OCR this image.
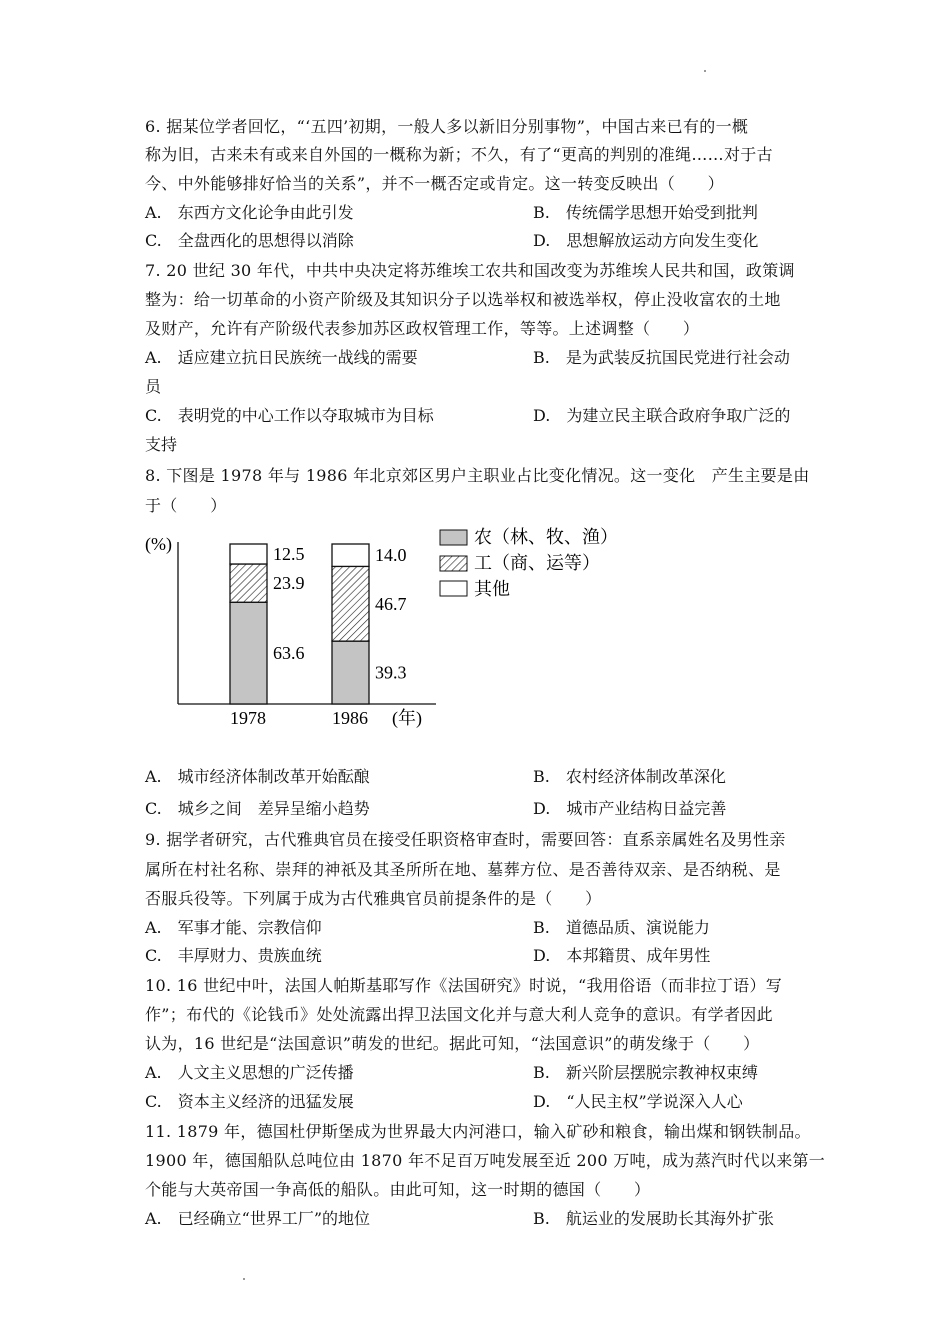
6. 据某位学者回忆，“‘五四’初期，一般人多以新旧分别事物”，中国古来已有的一概
称为旧，古来未有或来自外国的一概称为新；不久，有了“更高的判别的准绳……对于古
今、中外能够排好恰当的关系”，并不一概否定或肯定。这一转变反映出（　　）
A.　东西方文化论争由此引发	B.　传统儒学思想开始受到批判
C.　全盘西化的思想得以消除	D.　思想解放运动方向发生变化
7. 20 世纪 30 年代，中共中央决定将苏维埃工农共和国改变为苏维埃人民共和国，政策调
整为：给一切革命的小资产阶级及其知识分子以选举权和被选举权，停止没收富农的土地
及财产，允许有产阶级代表参加苏区政权管理工作，等等。上述调整（　　）
A.　适应建立抗日民族统一战线的需要	B.　是为武装反抗国民党进行社会动
员
C.　表明党的中心工作以夺取城市为目标	D.　为建立民主联合政府争取广泛的
支持
8. 下图是 1978 年与 1986 年北京郊区男户主职业占比变化情况。这一变化　产生主要是由
于（　　）
(%)
63.6
23.9
12.5
39.3
46.7
14.0
1978	1986 (年)
农（林、牧、渔）
工（商、运等）
其他
A.　城市经济体制改革开始酝酿	B.　农村经济体制改革深化
C.　城乡之间　差异呈缩小趋势	D.　城市产业结构日益完善
9. 据学者研究，古代雅典官员在接受任职资格审查时，需要回答：直系亲属姓名及男性亲
属所在村社名称、崇拜的神祇及其圣所所在地、墓葬方位、是否善待双亲、是否纳税、是
否服兵役等。下列属于成为古代雅典官员前提条件的是（　　）
A.　军事才能、宗教信仰	B.　道德品质、演说能力
C.　丰厚财力、贵族血统	D.　本邦籍贯、成年男性
10. 16 世纪中叶，法国人帕斯基耶写作《法国研究》时说，“我用俗语（而非拉丁语）写
作”；布代的《论钱币》处处流露出捍卫法国文化并与意大利人竞争的意识。有学者因此
认为，16 世纪是“法国意识”萌发的世纪。据此可知，“法国意识”的萌发缘于（　　）
A.　人文主义思想的广泛传播	B.　新兴阶层摆脱宗教神权束缚
C.　资本主义经济的迅猛发展	D.　“人民主权”学说深入人心
11. 1879 年，德国杜伊斯堡成为世界最大内河港口，输入矿砂和粮食，输出煤和钢铁制品。
1900 年，德国船队总吨位由 1870 年不足百万吨发展至近 200 万吨，成为蒸汽时代以来第一
个能与大英帝国一争高低的船队。由此可知，这一时期的德国（　　）
A.　已经确立“世界工厂”的地位	B.　航运业的发展助长其海外扩张
